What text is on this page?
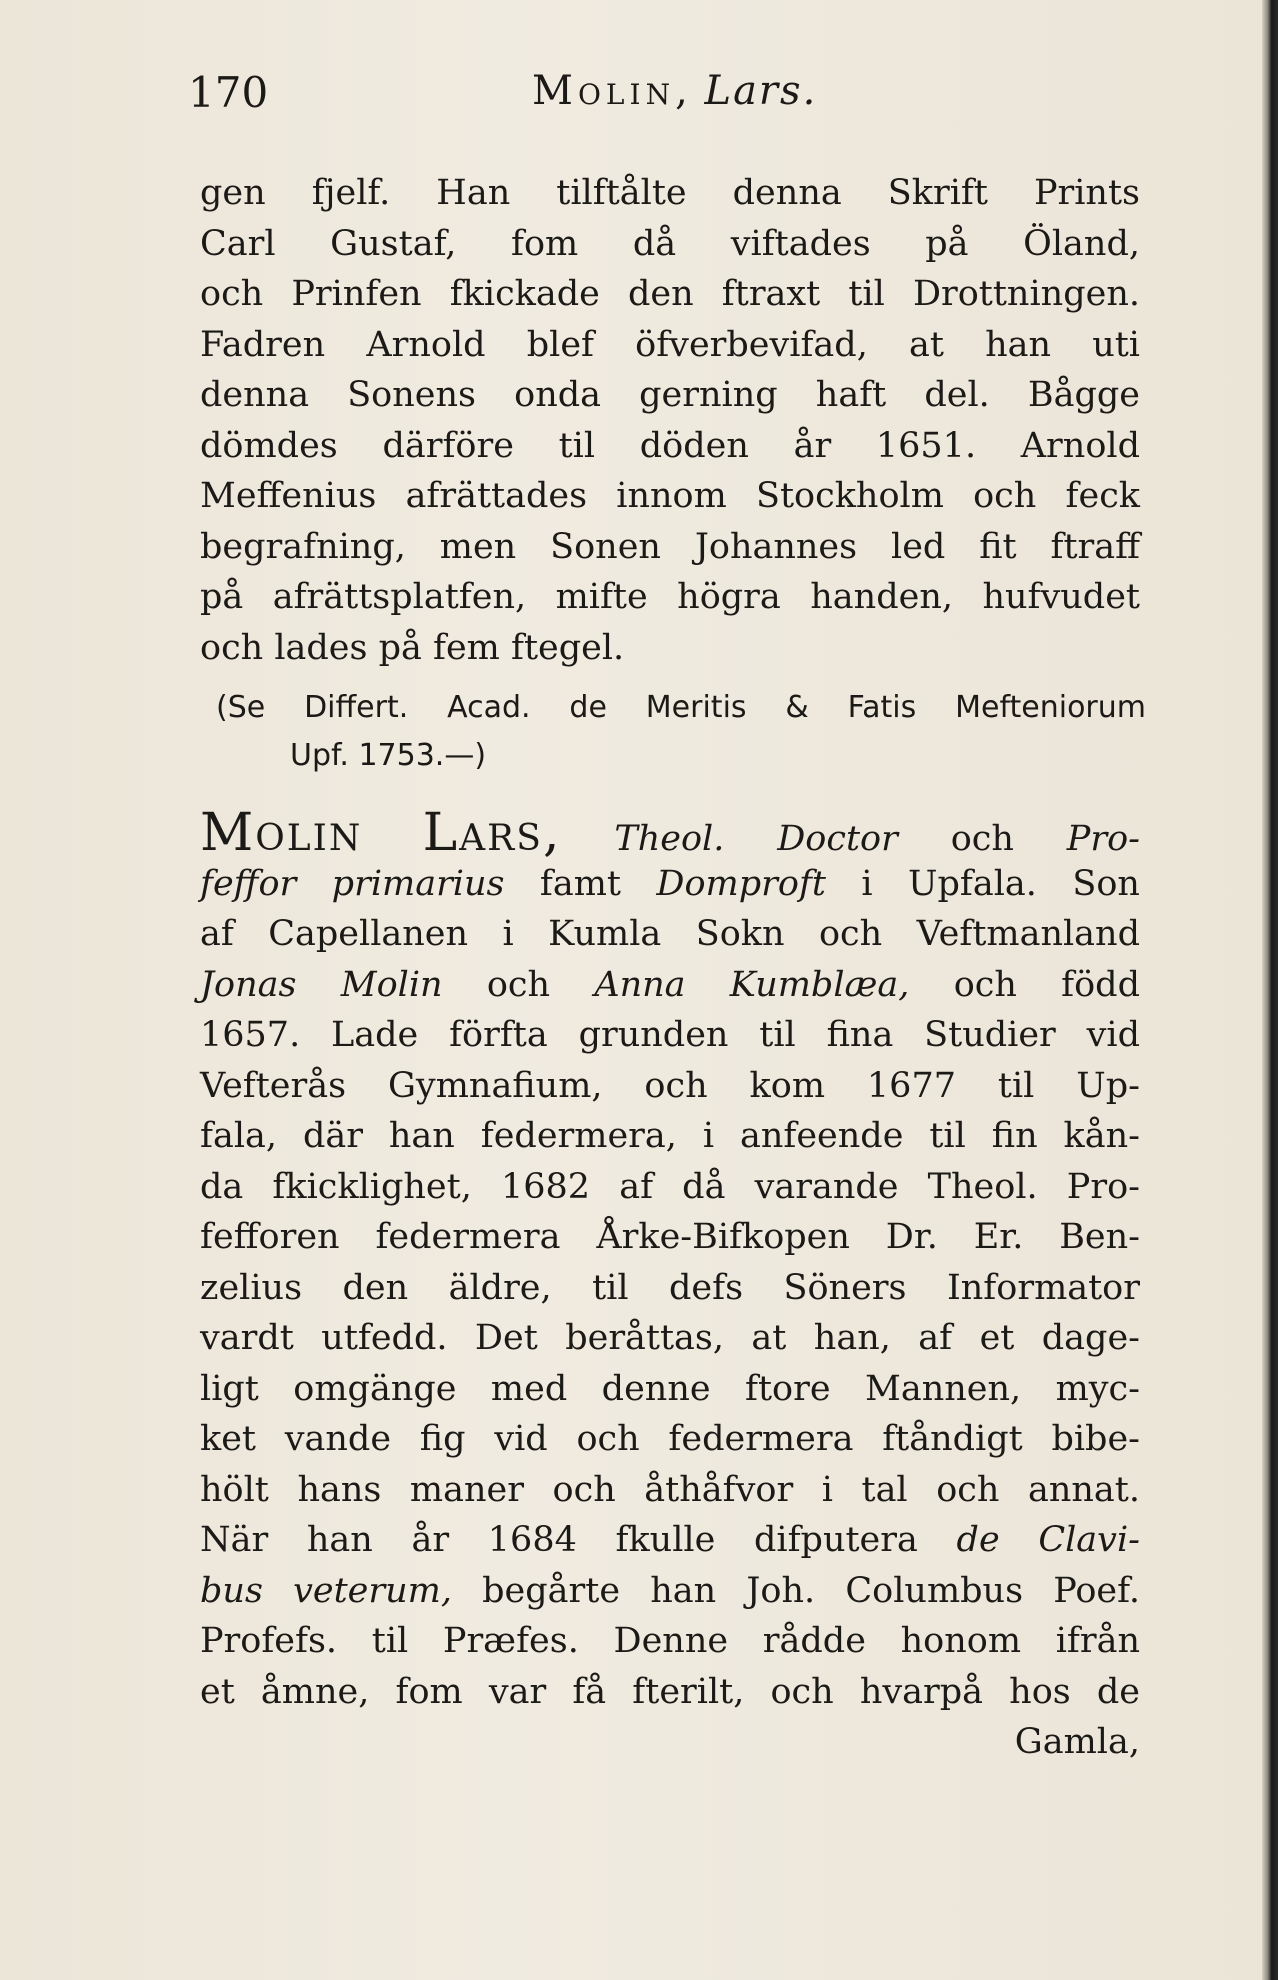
170	Molin, Lars.
gen fjelf. Han tilftålte denna Skrift Prints
Carl Gustaf, fom då viftades på Öland,
och Prinfen fkickade den ftraxt til Drottningen.
Fadren Arnold blef öfverbevifad, at han uti
denna Sonens onda gerning haft del. Bågge
dömdes därföre til döden år 1651. Arnold
Meffenius afrättades innom Stockholm och feck
begrafning, men Sonen Johannes led fit ftraff
på afrättsplatfen, mifte högra handen, hufvudet
och lades på fem ftegel.
(Se Differt. Acad. de Meritis & Fatis Mefteniorum
Upf. 1753.—)
Molin Lars, Theol. Doctor och Pro-
feffor primarius famt Domproft i Upfala. Son
af Capellanen i Kumla Sokn och Veftmanland
Jonas Molin och Anna Kumblæa, och född
1657. Lade förfta grunden til fina Studier vid
Vefterås Gymnafium, och kom 1677 til Up-
fala, där han federmera, i anfeende til fin kån-
da fkicklighet, 1682 af då varande Theol. Pro-
fefforen federmera Årke-Bifkopen Dr. Er. Ben-
zelius den äldre, til defs Söners Informator
vardt utfedd. Det beråttas, at han, af et dage-
ligt omgänge med denne ftore Mannen, myc-
ket vande fig vid och federmera ftåndigt bibe-
hölt hans maner och åthåfvor i tal och annat.
När han år 1684 fkulle difputera de Clavi-
bus veterum, begårte han Joh. Columbus Poef.
Profefs. til Præfes. Denne rådde honom ifrån
et åmne, fom var få fterilt, och hvarpå hos de
Gamla,
